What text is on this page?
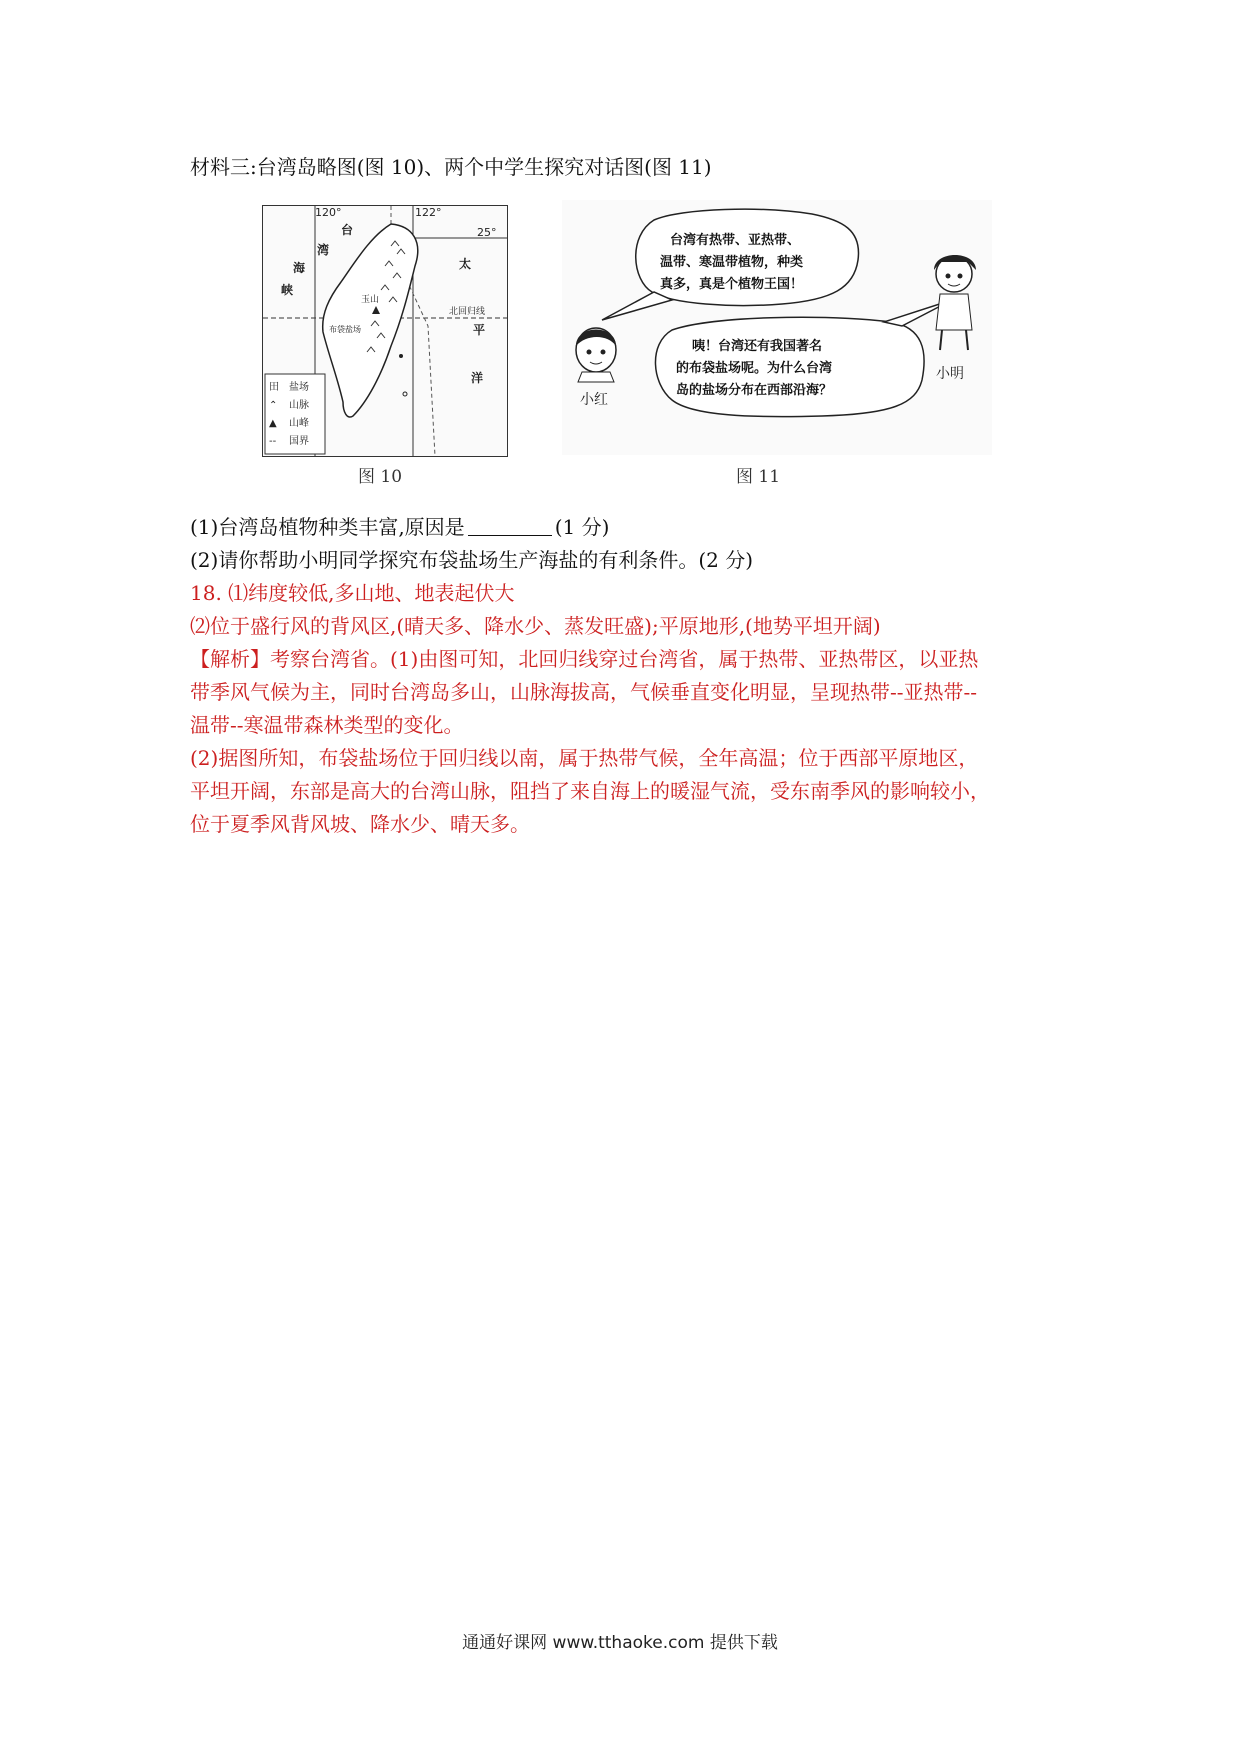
材料三:台湾岛略图(图 10)、两个中学生探究对话图(图 11)
120°	122°
25°
台
湾
海
峡
太
平
洋
北回归线
玉山
布袋盐场
田 盐场
⌃ 山脉
▲ 山峰
-- 国界
图 10
台湾有热带、亚热带、
温带、寒温带植物，种类
真多，真是个植物王国！
咦！台湾还有我国著名
的布袋盐场呢。为什么台湾
岛的盐场分布在西部沿海？
小红
小明
图 11
(1)台湾岛植物种类丰富,原因是	(1 分)
(2)请你帮助小明同学探究布袋盐场生产海盐的有利条件。(2 分)
18. ⑴纬度较低,多山地、地表起伏大
⑵位于盛行风的背风区,(晴天多、降水少、蒸发旺盛);平原地形,(地势平坦开阔)
【解析】考察台湾省。(1)由图可知，北回归线穿过台湾省，属于热带、亚热带区，以亚热
带季风气候为主，同时台湾岛多山，山脉海拔高，气候垂直变化明显，呈现热带--亚热带--
温带--寒温带森林类型的变化。
(2)据图所知，布袋盐场位于回归线以南，属于热带气候，全年高温；位于西部平原地区，
平坦开阔，东部是高大的台湾山脉，阻挡了来自海上的暖湿气流，受东南季风的影响较小，
位于夏季风背风坡、降水少、晴天多。
通通好课网 www.tthaoke.com 提供下载
